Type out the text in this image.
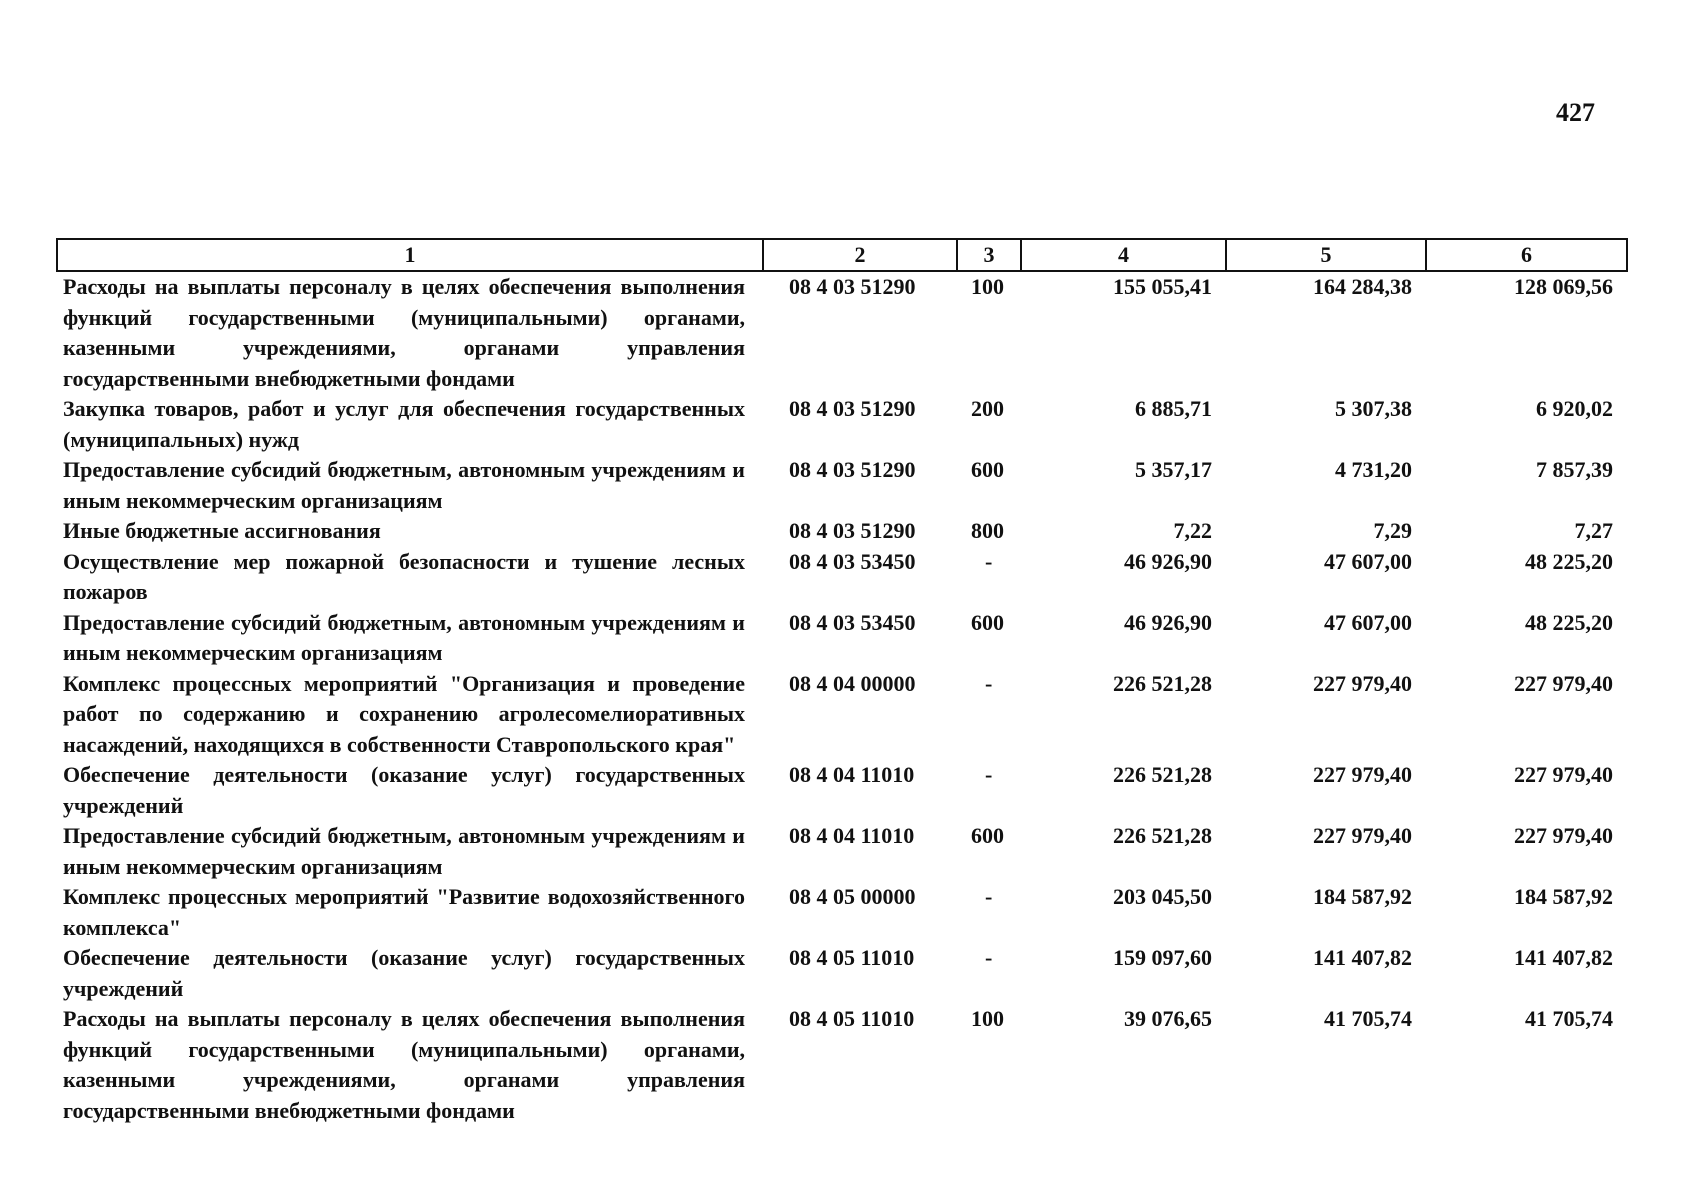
427
1	2	3	4	5	6
Расходы на выплаты персоналу в целях обеспечения выполнения функций государственными (муниципальными) органами, казенными учреждениями, органами управления государственными внебюджетными фондами	08 4 03 51290	100	155 055,41	164 284,38	128 069,56
Закупка товаров, работ и услуг для обеспечения государственных (муниципальных) нужд	08 4 03 51290	200	6 885,71	5 307,38	6 920,02
Предоставление субсидий бюджетным, автономным учреждениям и иным некоммерческим организациям	08 4 03 51290	600	5 357,17	4 731,20	7 857,39
Иные бюджетные ассигнования	08 4 03 51290	800	7,22	7,29	7,27
Осуществление мер пожарной безопасности и тушение лесных пожаров	08 4 03 53450	-	46 926,90	47 607,00	48 225,20
Предоставление субсидий бюджетным, автономным учреждениям и иным некоммерческим организациям	08 4 03 53450	600	46 926,90	47 607,00	48 225,20
Комплекс процессных мероприятий "Организация и проведение работ по содержанию и сохранению агролесомелиоративных насаждений, находящихся в собственности Ставропольского края"	08 4 04 00000	-	226 521,28	227 979,40	227 979,40
Обеспечение деятельности (оказание услуг) государственных учреждений	08 4 04 11010	-	226 521,28	227 979,40	227 979,40
Предоставление субсидий бюджетным, автономным учреждениям и иным некоммерческим организациям	08 4 04 11010	600	226 521,28	227 979,40	227 979,40
Комплекс процессных мероприятий "Развитие водохозяйственного комплекса"	08 4 05 00000	-	203 045,50	184 587,92	184 587,92
Обеспечение деятельности (оказание услуг) государственных учреждений	08 4 05 11010	-	159 097,60	141 407,82	141 407,82
Расходы на выплаты персоналу в целях обеспечения выполнения функций государственными (муниципальными) органами, казенными учреждениями, органами управления государственными внебюджетными фондами	08 4 05 11010	100	39 076,65	41 705,74	41 705,74
